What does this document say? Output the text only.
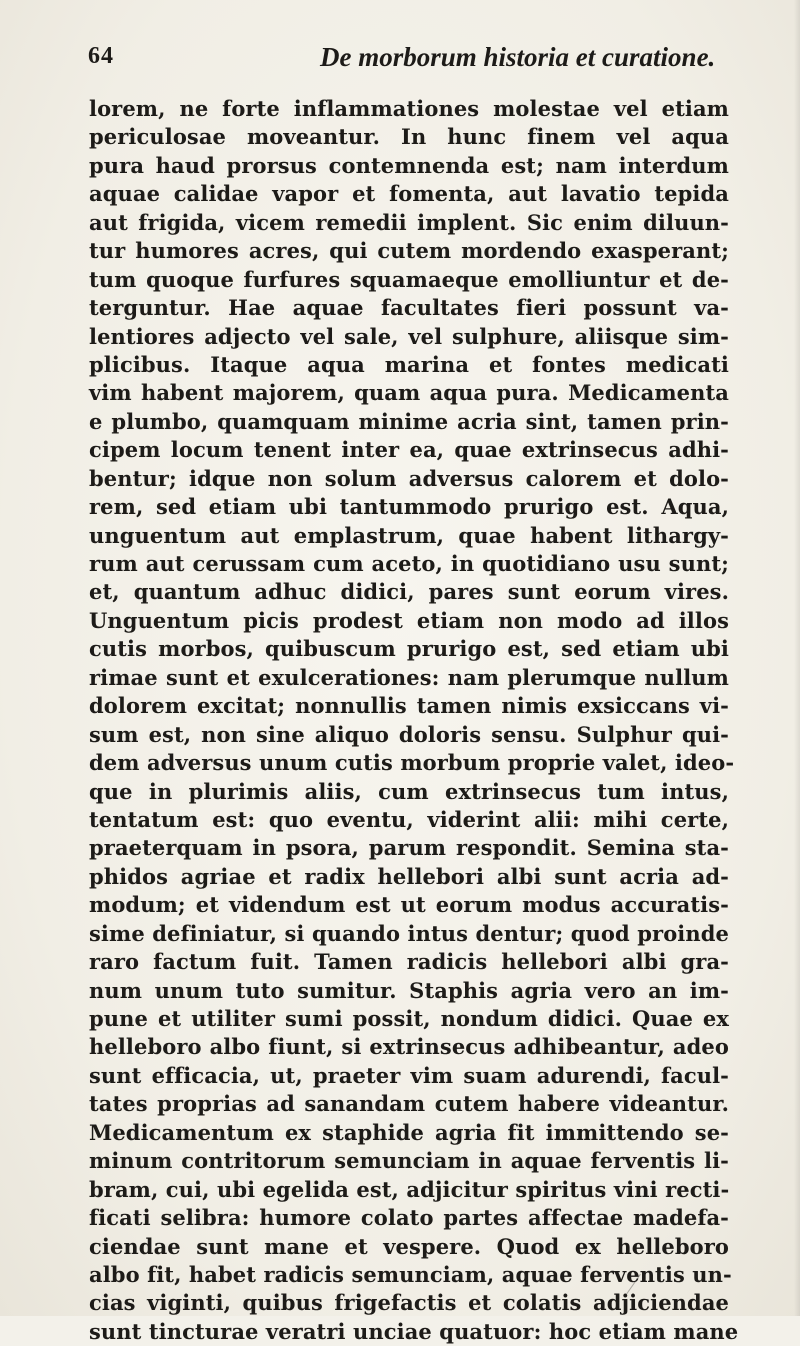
64	De morborum historia et curatione.
lorem, ne forte inflammationes molestae vel etiam
periculosae moveantur. In hunc finem vel aqua
pura haud prorsus contemnenda est; nam interdum
aquae calidae vapor et fomenta, aut lavatio tepida
aut frigida, vicem remedii implent. Sic enim diluun-
tur humores acres, qui cutem mordendo exasperant;
tum quoque furfures squamaeque emolliuntur et de-
terguntur. Hae aquae facultates fieri possunt va-
lentiores adjecto vel sale, vel sulphure, aliisque sim-
plicibus. Itaque aqua marina et fontes medicati
vim habent majorem, quam aqua pura. Medicamenta
e plumbo, quamquam minime acria sint, tamen prin-
cipem locum tenent inter ea, quae extrinsecus adhi-
bentur; idque non solum adversus calorem et dolo-
rem, sed etiam ubi tantummodo prurigo est. Aqua,
unguentum aut emplastrum, quae habent lithargy-
rum aut cerussam cum aceto, in quotidiano usu sunt;
et, quantum adhuc didici, pares sunt eorum vires.
Unguentum picis prodest etiam non modo ad illos
cutis morbos, quibuscum prurigo est, sed etiam ubi
rimae sunt et exulcerationes: nam plerumque nullum
dolorem excitat; nonnullis tamen nimis exsiccans vi-
sum est, non sine aliquo doloris sensu. Sulphur qui-
dem adversus unum cutis morbum proprie valet, ideo-
que in plurimis aliis, cum extrinsecus tum intus,
tentatum est: quo eventu, viderint alii: mihi certe,
praeterquam in psora, parum respondit. Semina sta-
phidos agriae et radix hellebori albi sunt acria ad-
modum; et videndum est ut eorum modus accuratis-
sime definiatur, si quando intus dentur; quod proinde
raro factum fuit. Tamen radicis hellebori albi gra-
num unum tuto sumitur. Staphis agria vero an im-
pune et utiliter sumi possit, nondum didici. Quae ex
helleboro albo fiunt, si extrinsecus adhibeantur, adeo
sunt efficacia, ut, praeter vim suam adurendi, facul-
tates proprias ad sanandam cutem habere videantur.
Medicamentum ex staphide agria fit immittendo se-
minum contritorum semunciam in aquae ferventis li-
bram, cui, ubi egelida est, adjicitur spiritus vini recti-
ficati selibra: humore colato partes affectae madefa-
ciendae sunt mane et vespere. Quod ex helleboro
albo fit, habet radicis semunciam, aquae ferventis un-
cias viginti, quibus frigefactis et colatis adjiciendae
sunt tincturae veratri unciae quatuor: hoc etiam mane
